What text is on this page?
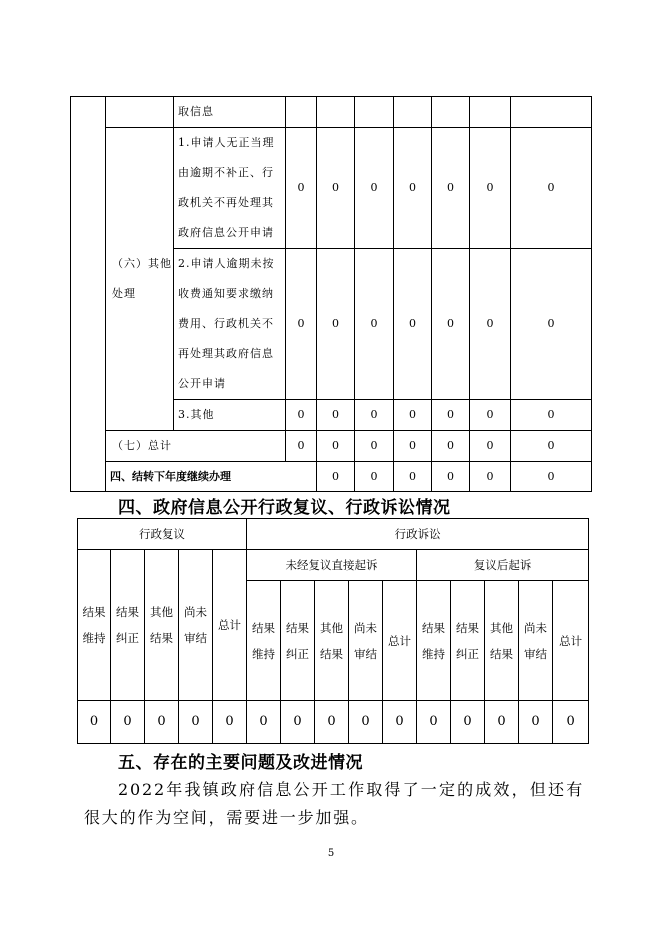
		取信息								
	（六）其他处理	1.申请人无正当理由逾期不补正、行政机关不再处理其政府信息公开申请	0	0	0	0	0	0	0	
		2.申请人逾期未按收费通知要求缴纳费用、行政机关不再处理其政府信息公开申请	0	0	0	0	0	0	0	
		3.其他	0	0	0	0	0	0	0	
	（七）总计		0	0	0	0	0	0	0	
	四、结转下年度继续办理			0	0	0	0	0	0	
四、政府信息公开行政复议、行政诉讼情况
行政复议					行政诉讼									
结果维持	结果纠正	其他结果	尚未审结	总计	未经复议直接起诉					复议后起诉				
					结果维持	结果纠正	其他结果	尚未审结	总计	结果维持	结果纠正	其他结果	尚未审结	总计
0	0	0	0	0	0	0	0	0	0	0	0	0	0	0
五、存在的主要问题及改进情况
2022年我镇政府信息公开工作取得了一定的成效，但还有很大的作为空间，需要进一步加强。
5
